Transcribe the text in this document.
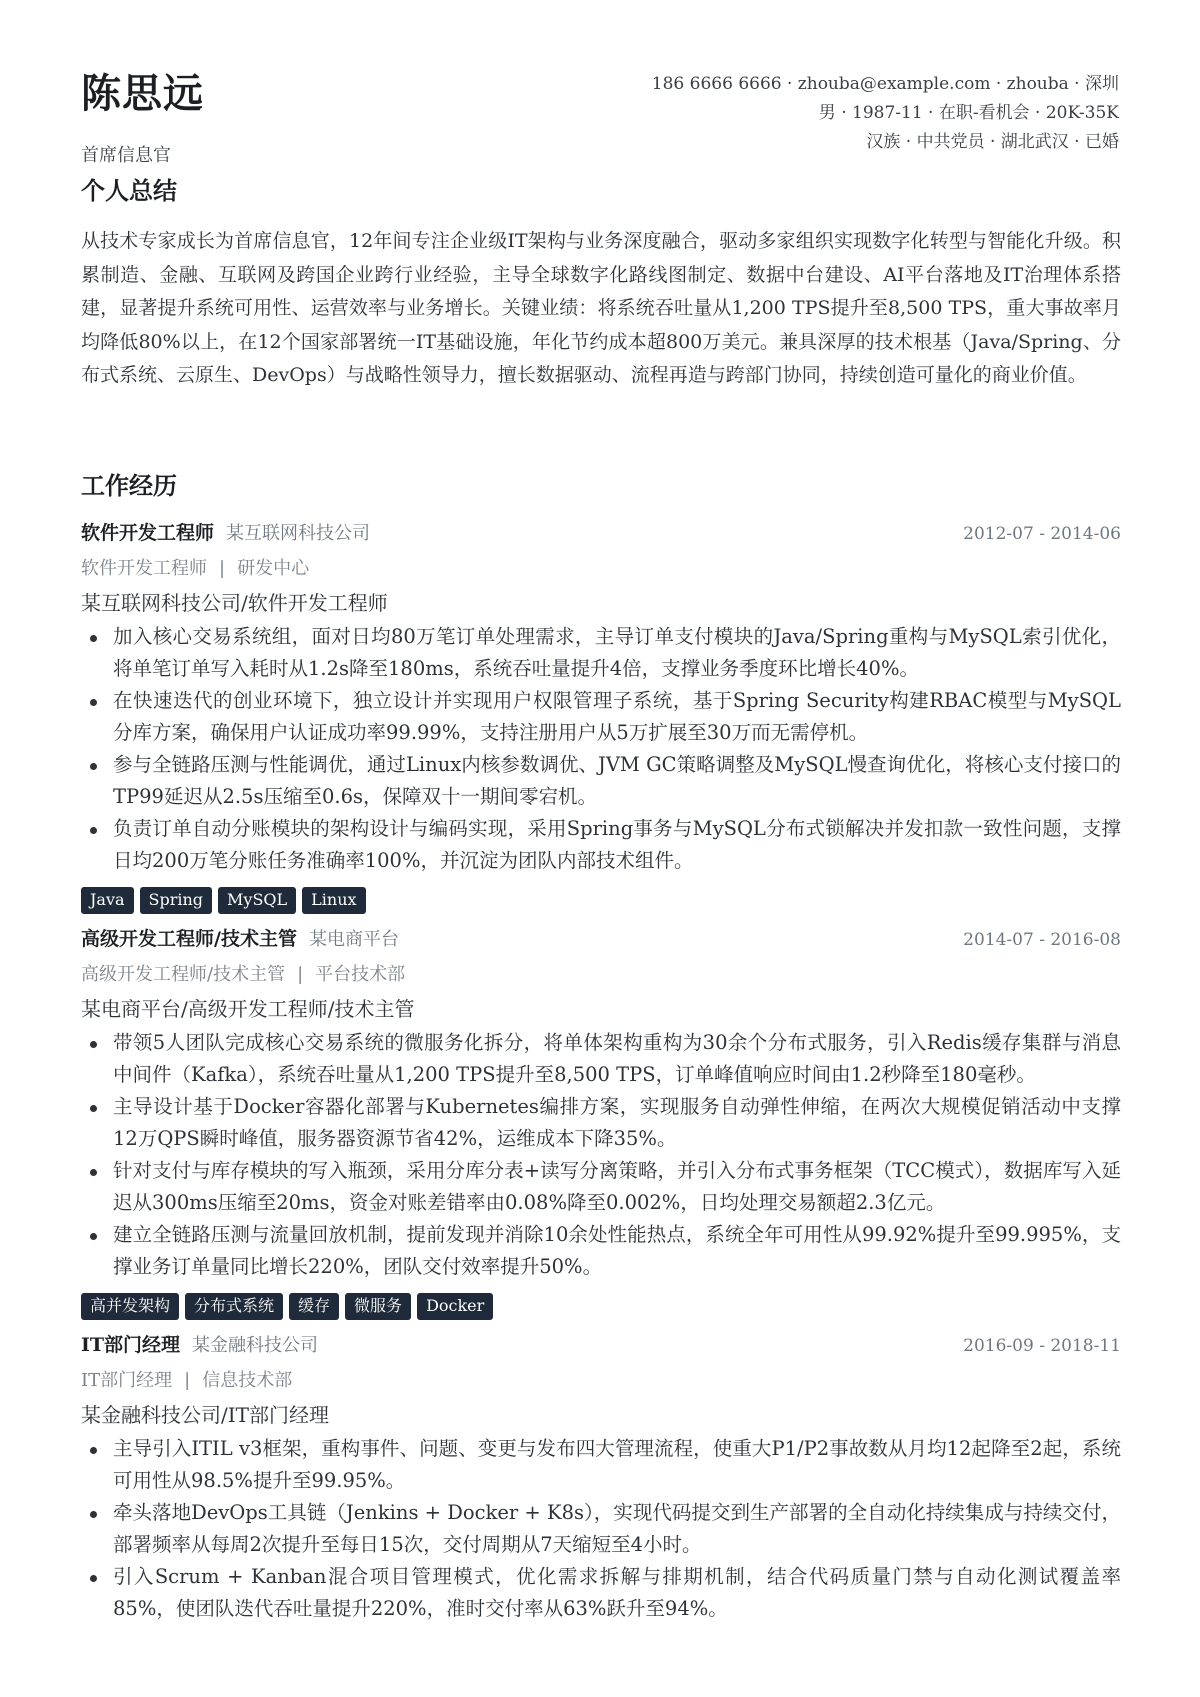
陈思远
首席信息官
186 6666 6666 · zhouba@example.com · zhouba · 深圳
男 · 1987-11 · 在职-看机会 · 20K-35K
汉族 · 中共党员 · 湖北武汉 · 已婚
个人总结

从技术专家成长为首席信息官，12年间专注企业级IT架构与业务深度融合，驱动多家组织实现数字化转型与智能化升级。积累制造、金融、互联网及跨国企业跨行业经验，主导全球数字化路线图制定、数据中台建设、AI平台落地及IT治理体系搭建，显著提升系统可用性、运营效率与业务增长。关键业绩：将系统吞吐量从1,200 TPS提升至8,500 TPS，重大事故率月均降低80%以上，在12个国家部署统一IT基础设施，年化节约成本超800万美元。兼具深厚的技术根基（Java/Spring、分布式系统、云原生、DevOps）与战略性领导力，擅长数据驱动、流程再造与跨部门协同，持续创造可量化的商业价值。

工作经历
软件开发工程师 某互联网科技公司	2012-07 - 2014-06
软件开发工程师 | 研发中心
某互联网科技公司/软件开发工程师
加入核心交易系统组，面对日均80万笔订单处理需求，主导订单支付模块的Java/Spring重构与MySQL索引优化，将单笔订单写入耗时从1.2s降至180ms，系统吞吐量提升4倍，支撑业务季度环比增长40%。
在快速迭代的创业环境下，独立设计并实现用户权限管理子系统，基于Spring Security构建RBAC模型与MySQL分库方案，确保用户认证成功率99.99%，支持注册用户从5万扩展至30万而无需停机。
参与全链路压测与性能调优，通过Linux内核参数调优、JVM GC策略调整及MySQL慢查询优化，将核心支付接口的TP99延迟从2.5s压缩至0.6s，保障双十一期间零宕机。
负责订单自动分账模块的架构设计与编码实现，采用Spring事务与MySQL分布式锁解决并发扣款一致性问题，支撑日均200万笔分账任务准确率100%，并沉淀为团队内部技术组件。
Java	Spring	MySQL	Linux
高级开发工程师/技术主管 某电商平台	2014-07 - 2016-08
高级开发工程师/技术主管 | 平台技术部
某电商平台/高级开发工程师/技术主管
带领5人团队完成核心交易系统的微服务化拆分，将单体架构重构为30余个分布式服务，引入Redis缓存集群与消息中间件（Kafka），系统吞吐量从1,200 TPS提升至8,500 TPS，订单峰值响应时间由1.2秒降至180毫秒。
主导设计基于Docker容器化部署与Kubernetes编排方案，实现服务自动弹性伸缩，在两次大规模促销活动中支撑12万QPS瞬时峰值，服务器资源节省42%，运维成本下降35%。
针对支付与库存模块的写入瓶颈，采用分库分表+读写分离策略，并引入分布式事务框架（TCC模式），数据库写入延迟从300ms压缩至20ms，资金对账差错率由0.08%降至0.002%，日均处理交易额超2.3亿元。
建立全链路压测与流量回放机制，提前发现并消除10余处性能热点，系统全年可用性从99.92%提升至99.995%，支撑业务订单量同比增长220%，团队交付效率提升50%。
高并发架构	分布式系统	缓存	微服务	Docker
IT部门经理 某金融科技公司	2016-09 - 2018-11
IT部门经理 | 信息技术部
某金融科技公司/IT部门经理
主导引入ITIL v3框架，重构事件、问题、变更与发布四大管理流程，使重大P1/P2事故数从月均12起降至2起，系统可用性从98.5%提升至99.95%。
牵头落地DevOps工具链（Jenkins + Docker + K8s），实现代码提交到生产部署的全自动化持续集成与持续交付，部署频率从每周2次提升至每日15次，交付周期从7天缩短至4小时。
引入Scrum + Kanban混合项目管理模式，优化需求拆解与排期机制，结合代码质量门禁与自动化测试覆盖率85%，使团队迭代吞吐量提升220%，准时交付率从63%跃升至94%。
